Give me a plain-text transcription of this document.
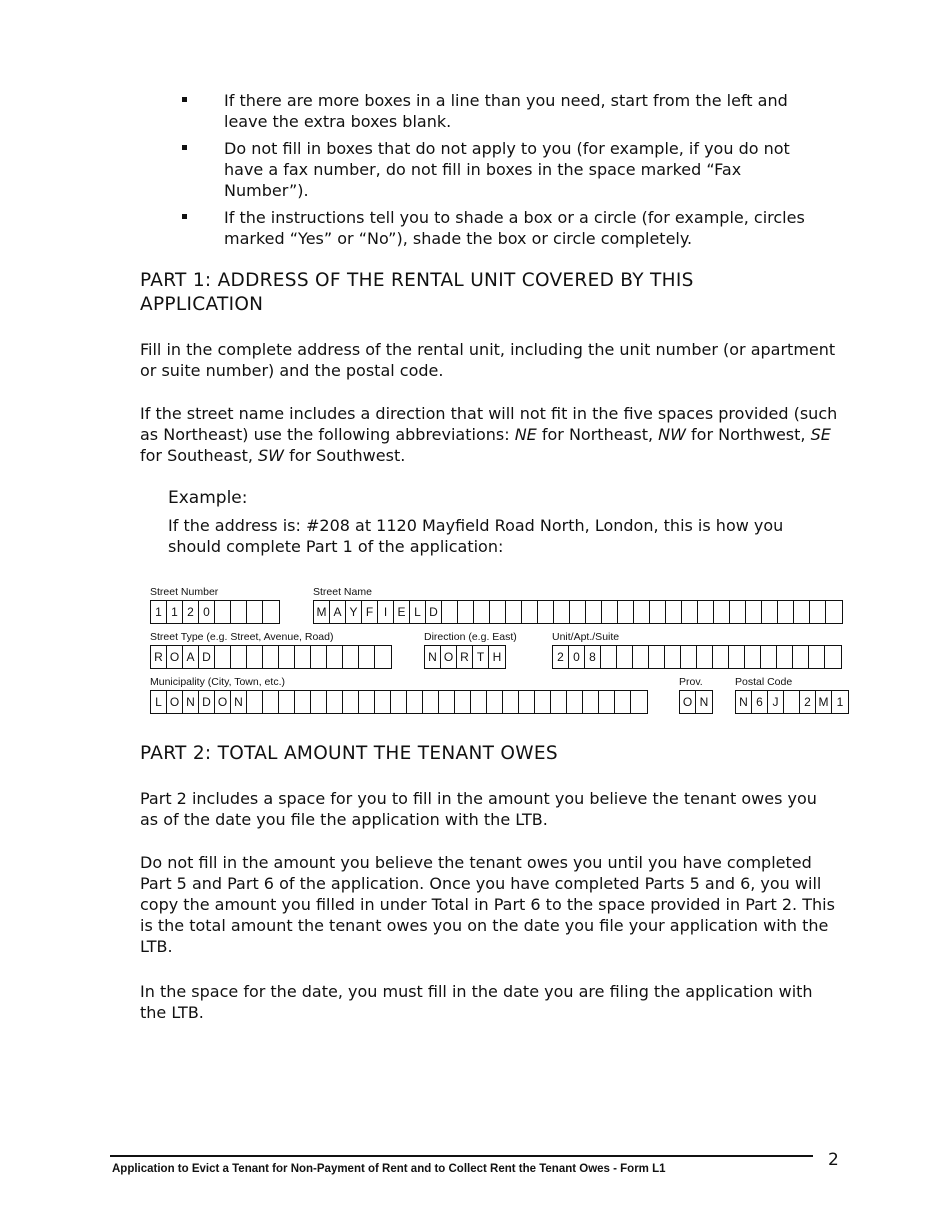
If there are more boxes in a line than you need, start from the left and leave the extra boxes blank.
Do not fill in boxes that do not apply to you (for example, if you do not have a fax number, do not fill in boxes in the space marked “Fax Number”).
If the instructions tell you to shade a box or a circle (for example, circles marked “Yes” or “No”), shade the box or circle completely.
PART 1: ADDRESS OF THE RENTAL UNIT COVERED BY THIS APPLICATION
Fill in the complete address of the rental unit, including the unit number (or apartment or suite number) and the postal code.
If the street name includes a direction that will not fit in the five spaces provided (such as Northeast) use the following abbreviations: NE for Northeast, NW for Northwest, SE for Southeast, SW for Southwest.
Example:
If the address is: #208 at 1120 Mayfield Road North, London, this is how you should complete Part 1 of the application:
Street Number	Street Name
1 1 2 0	M A Y F I E L D
Street Type (e.g. Street, Avenue, Road)	Direction (e.g. East)	Unit/Apt./Suite
R O A D	N O R T H	2 0 8
Municipality (City, Town, etc.)	Prov.	Postal Code
L O N D O N	O N	N 6 J	2 M 1
PART 2: TOTAL AMOUNT THE TENANT OWES
Part 2 includes a space for you to fill in the amount you believe the tenant owes you as of the date you file the application with the LTB.
Do not fill in the amount you believe the tenant owes you until you have completed Part 5 and Part 6 of the application. Once you have completed Parts 5 and 6, you will copy the amount you filled in under Total in Part 6 to the space provided in Part 2. This is the total amount the tenant owes you on the date you file your application with the LTB.
In the space for the date, you must fill in the date you are filing the application with the LTB.
Application to Evict a Tenant for Non-Payment of Rent and to Collect Rent the Tenant Owes - Form L1	2
